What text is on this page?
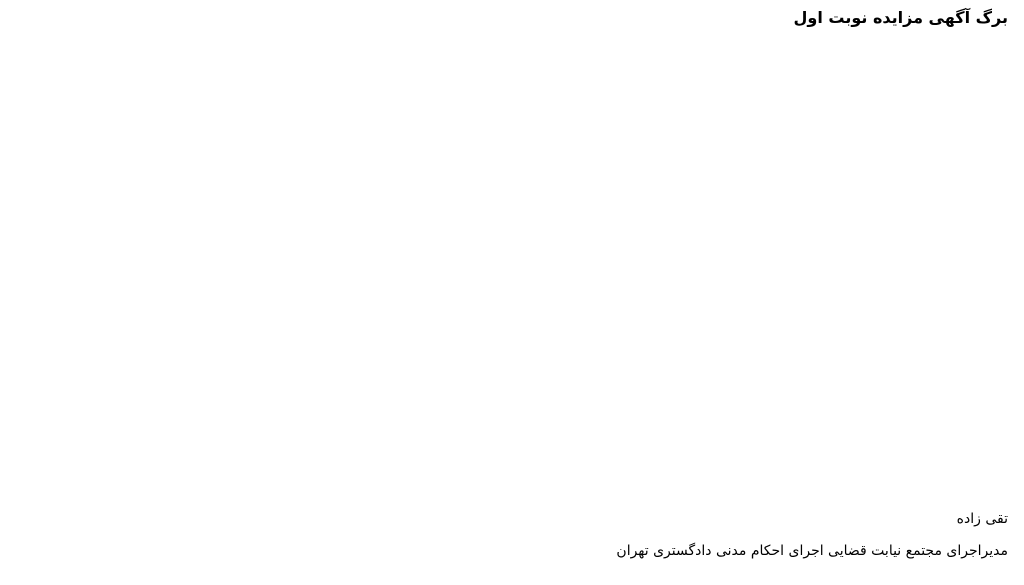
برگ آگهی مزایده نوبت اول
تقی زاده
مدیراجرای مجتمع نیابت قضایی اجرای احکام مدنی دادگستری تهران
